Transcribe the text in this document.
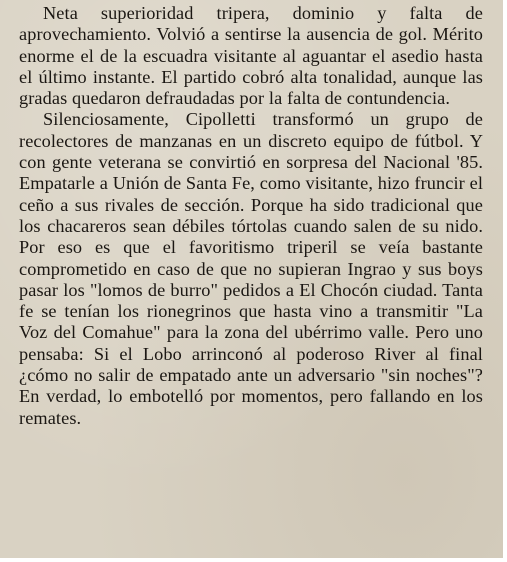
Neta superioridad tripera, dominio y falta de aprovechamiento. Volvió a sentirse la ausencia de gol. Mérito enorme el de la escuadra visitante al aguantar el asedio hasta el último instante. El partido cobró alta tonalidad, aunque las gradas quedaron defraudadas por la falta de contundencia.

Silenciosamente, Cipolletti transformó un grupo de recolectores de manzanas en un discreto equipo de fútbol. Y con gente veterana se convirtió en sorpresa del Nacional '85. Empatarle a Unión de Santa Fe, como visitante, hizo fruncir el ceño a sus rivales de sección. Porque ha sido tradicional que los chacareros sean débiles tórtolas cuando salen de su nido. Por eso es que el favoritismo triperil se veía bastante comprometido en caso de que no supieran Ingrao y sus boys pasar los "lomos de burro" pedidos a El Chocón ciudad. Tanta fe se tenían los rionegrinos que hasta vino a transmitir "La Voz del Comahue" para la zona del ubérrimo valle. Pero uno pensaba: Si el Lobo arrinconó al poderoso River al final ¿cómo no salir de empatado ante un adversario "sin noches"? En verdad, lo embotelló por momentos, pero fallando en los remates.
